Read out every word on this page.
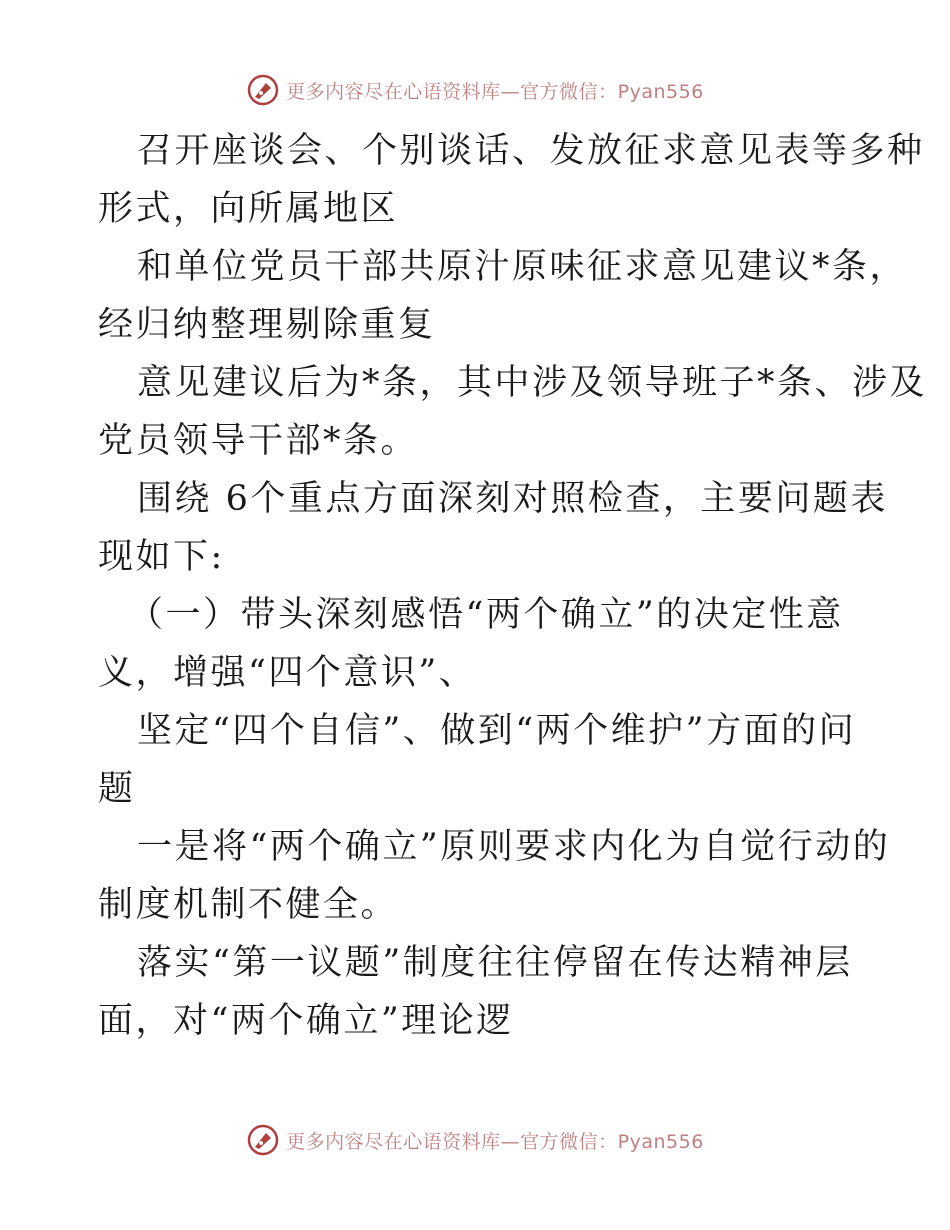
更多内容尽在心语资料库—官方微信：Pyan556
召开座谈会、个别谈话、发放征求意见表等多种
形式，向所属地区
和单位党员干部共原汁原味征求意见建议*条，
经归纳整理剔除重复
意见建议后为*条，其中涉及领导班子*条、涉及
党员领导干部*条。
围绕 6个重点方面深刻对照检查，主要问题表
现如下:
（一）带头深刻感悟“两个确立”的决定性意
义，增强“四个意识”、
坚定“四个自信”、做到“两个维护”方面的问
题
一是将“两个确立”原则要求内化为自觉行动的
制度机制不健全。
落实“第一议题”制度往往停留在传达精神层
面，对“两个确立”理论逻
更多内容尽在心语资料库—官方微信：Pyan556
